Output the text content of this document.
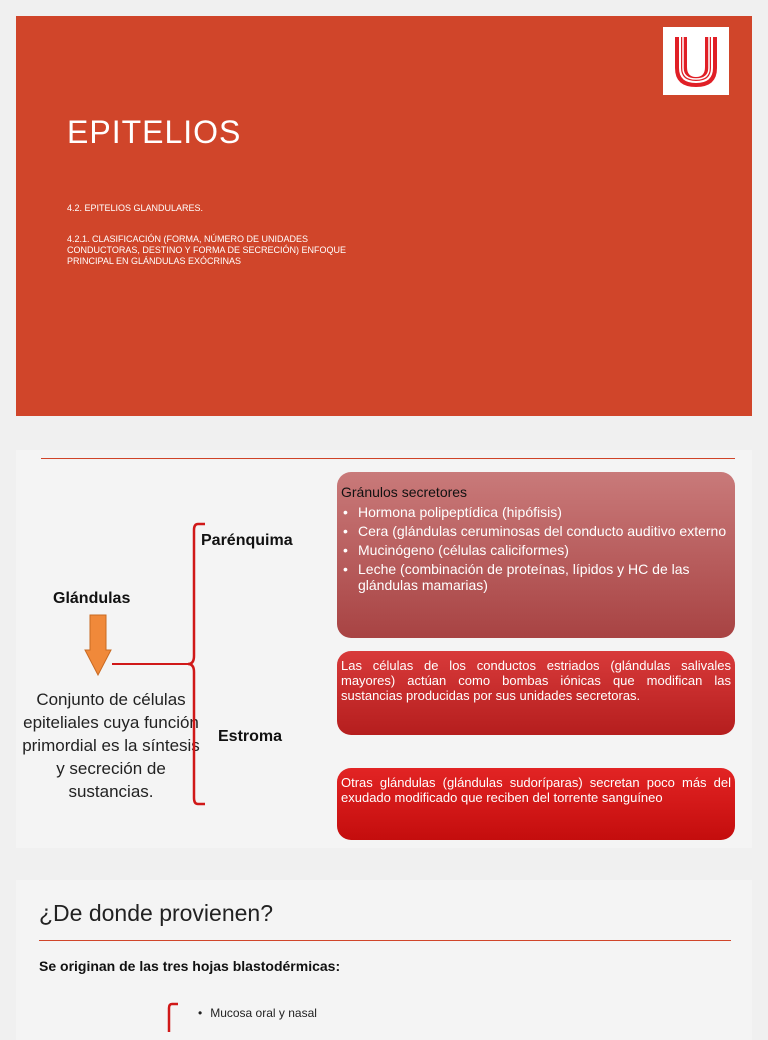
EPITELIOS
4.2. EPITELIOS GLANDULARES.
4.2.1. CLASIFICACIÓN (FORMA, NÚMERO DE UNIDADES CONDUCTORAS, DESTINO Y FORMA DE SECRECIÓN) ENFOQUE PRINCIPAL EN GLÁNDULAS EXÓCRINAS
Glándulas
Conjunto de células epiteliales cuya función primordial es la síntesis y secreción de sustancias.
Parénquima
Estroma
Gránulos secretores
• Hormona polipeptídica (hipófisis)
• Cera (glándulas ceruminosas del conducto auditivo externo
• Mucinógeno (células caliciformes)
• Leche (combinación de proteínas, lípidos y HC de las glándulas mamarias)
Las células de los conductos estriados (glándulas salivales mayores) actúan como bombas iónicas que modifican las sustancias producidas por sus unidades secretoras.
Otras glándulas (glándulas sudoríparas) secretan poco más del exudado modificado que reciben del torrente sanguíneo
¿De donde provienen?
Se originan de las tres hojas blastodérmicas:
• Mucosa oral y nasal
